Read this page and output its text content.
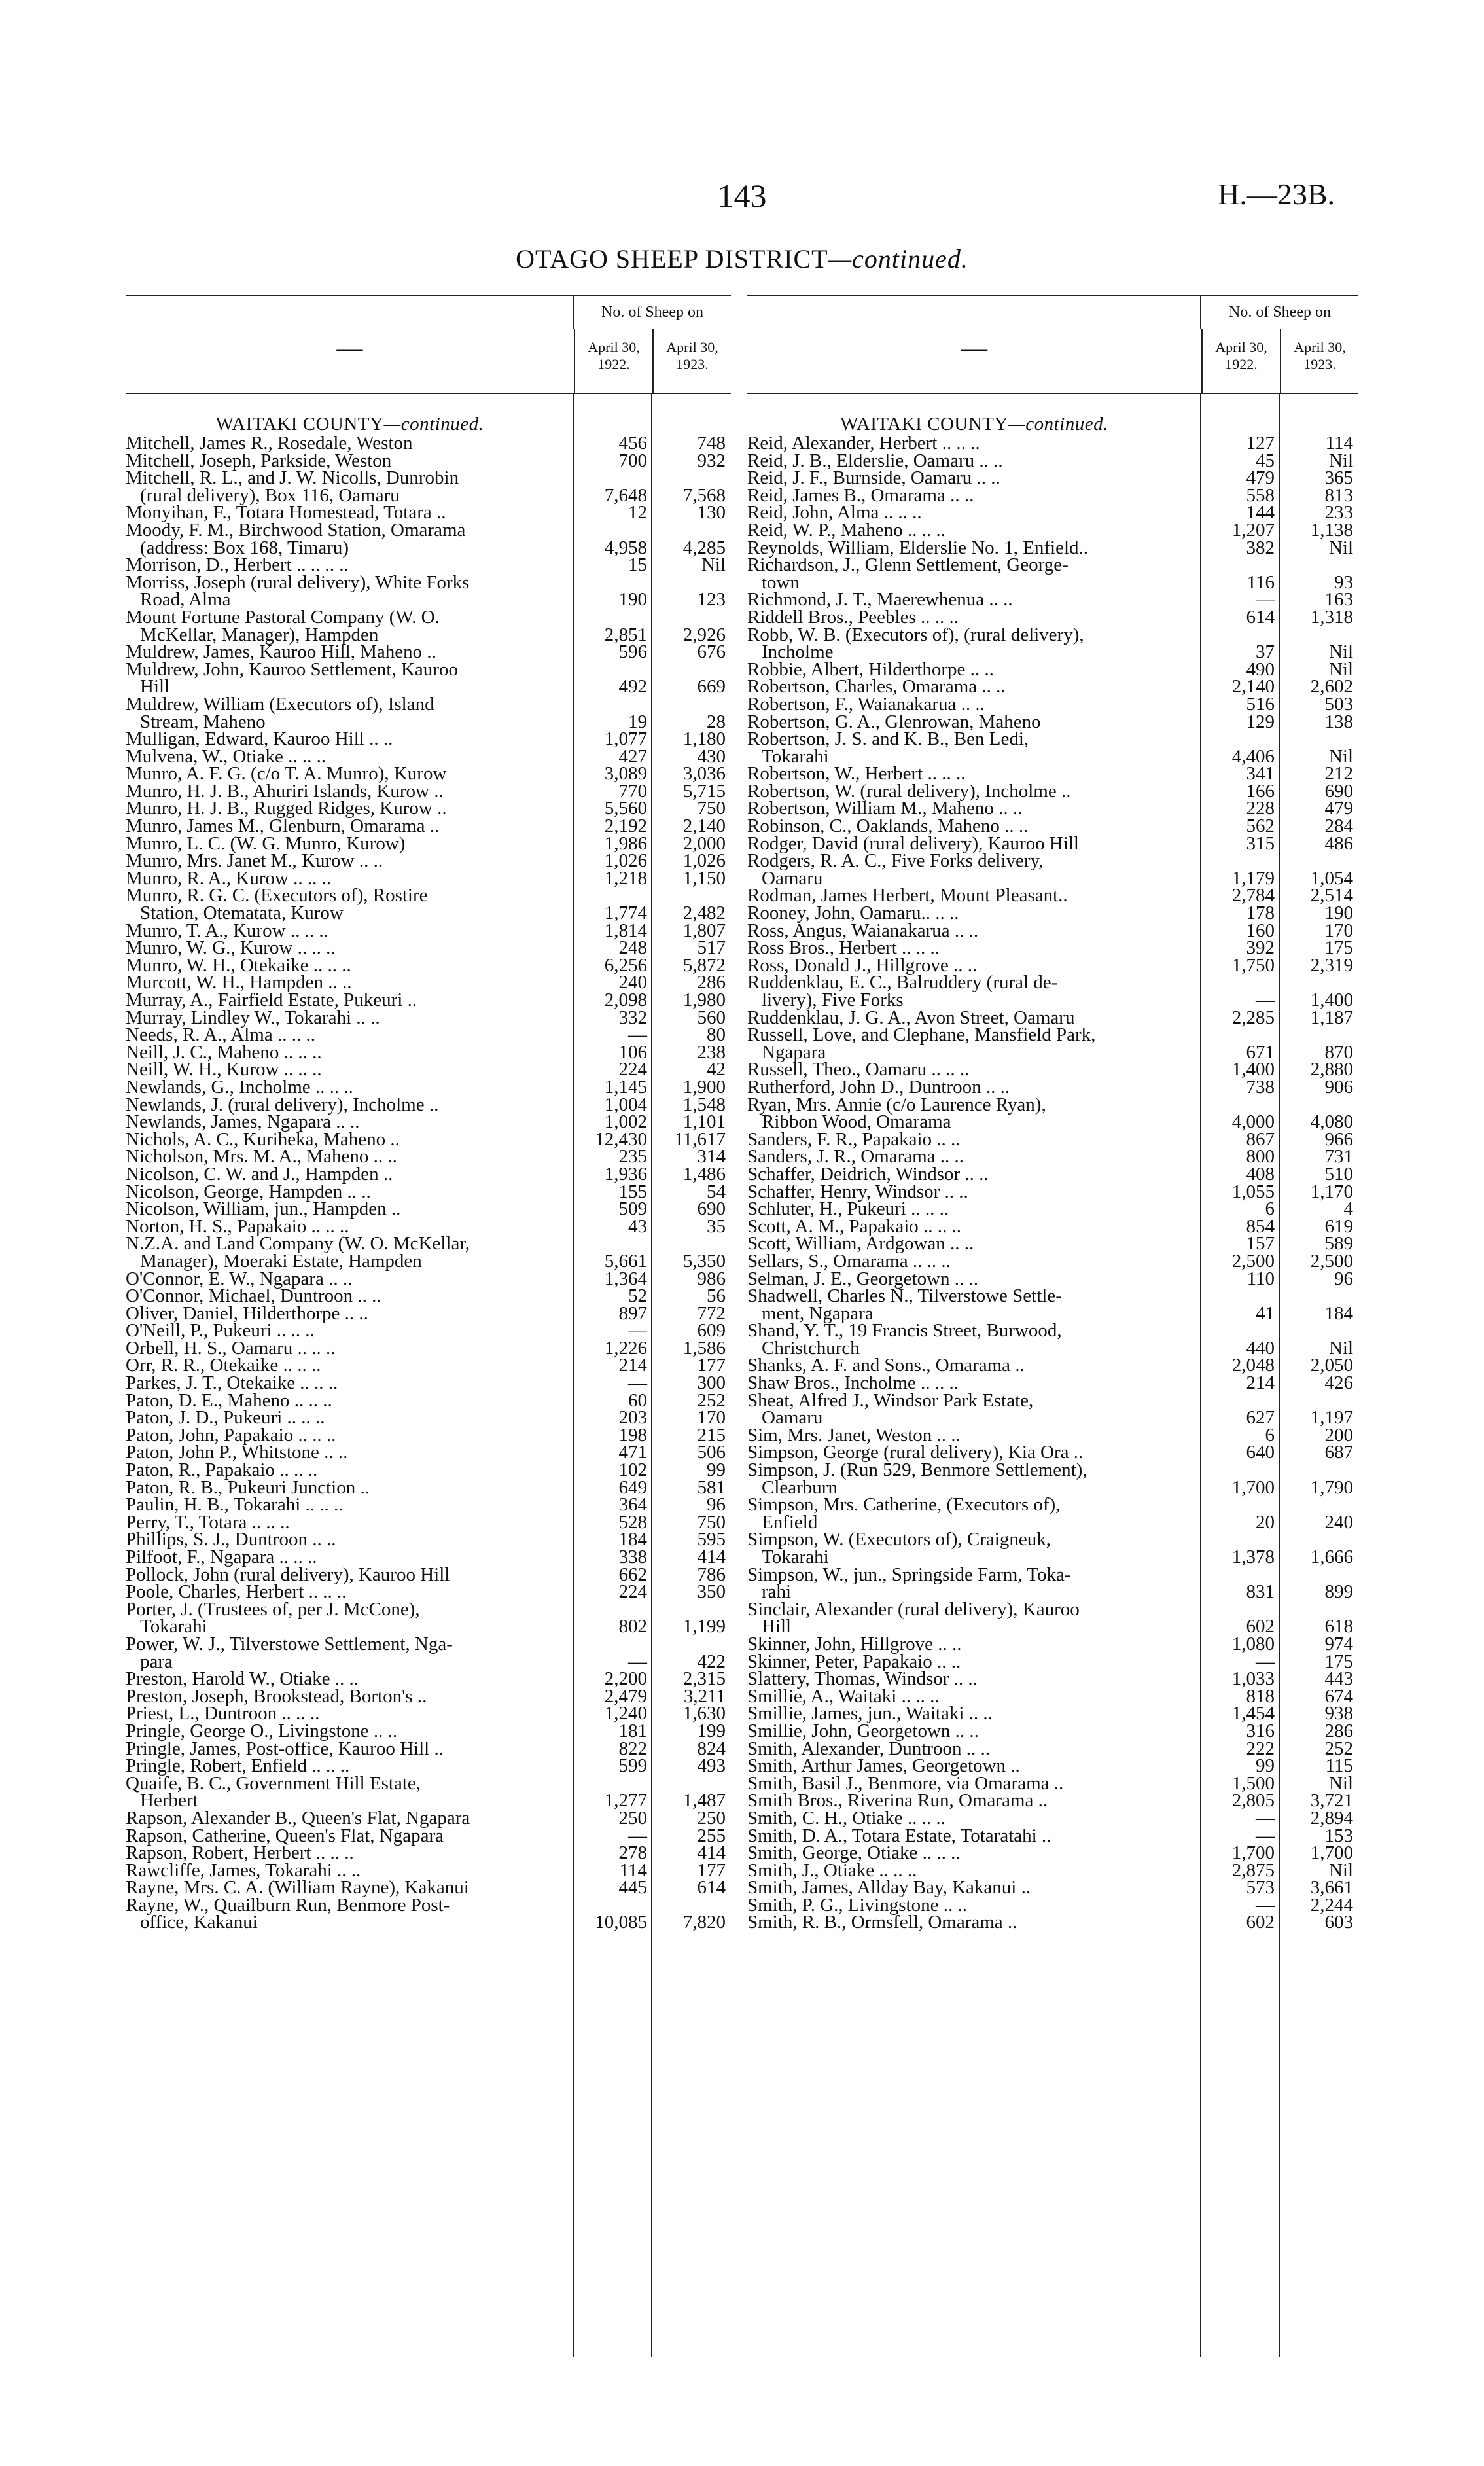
143	H.—23B.
OTAGO SHEEP DISTRICT—continued.
—
No. of Sheep on
April 30, 1922.
April 30, 1923.
WAITAKI COUNTY—continued.
Mitchell, James R., Rosedale, Weston	456	748
Mitchell, Joseph, Parkside, Weston	700	932
Mitchell, R. L., and J. W. Nicolls, Dunrobin
(rural delivery), Box 116, Oamaru	7,648	7,568
Monyihan, F., Totara Homestead, Totara ..	12	130
Moody, F. M., Birchwood Station, Omarama
(address: Box 168, Timaru)	4,958	4,285
Morrison, D., Herbert .. .. .. ..	15	Nil
Morriss, Joseph (rural delivery), White Forks
Road, Alma	190	123
Mount Fortune Pastoral Company (W. O.
McKellar, Manager), Hampden	2,851	2,926
Muldrew, James, Kauroo Hill, Maheno ..	596	676
Muldrew, John, Kauroo Settlement, Kauroo
Hill	492	669
Muldrew, William (Executors of), Island
Stream, Maheno	19	28
Mulligan, Edward, Kauroo Hill .. ..	1,077	1,180
Mulvena, W., Otiake .. .. ..	427	430
Munro, A. F. G. (c/o T. A. Munro), Kurow	3,089	3,036
Munro, H. J. B., Ahuriri Islands, Kurow ..	770	5,715
Munro, H. J. B., Rugged Ridges, Kurow ..	5,560	750
Munro, James M., Glenburn, Omarama ..	2,192	2,140
Munro, L. C. (W. G. Munro, Kurow)	1,986	2,000
Munro, Mrs. Janet M., Kurow .. ..	1,026	1,026
Munro, R. A., Kurow .. .. ..	1,218	1,150
Munro, R. G. C. (Executors of), Rostire
Station, Otematata, Kurow	1,774	2,482
Munro, T. A., Kurow .. .. ..	1,814	1,807
Munro, W. G., Kurow .. .. ..	248	517
Munro, W. H., Otekaike .. .. ..	6,256	5,872
Murcott, W. H., Hampden .. ..	240	286
Murray, A., Fairfield Estate, Pukeuri ..	2,098	1,980
Murray, Lindley W., Tokarahi .. ..	332	560
Needs, R. A., Alma .. .. ..	—	80
Neill, J. C., Maheno .. .. ..	106	238
Neill, W. H., Kurow .. .. ..	224	42
Newlands, G., Incholme .. .. ..	1,145	1,900
Newlands, J. (rural delivery), Incholme ..	1,004	1,548
Newlands, James, Ngapara .. ..	1,002	1,101
Nichols, A. C., Kuriheka, Maheno ..	12,430	11,617
Nicholson, Mrs. M. A., Maheno .. ..	235	314
Nicolson, C. W. and J., Hampden ..	1,936	1,486
Nicolson, George, Hampden .. ..	155	54
Nicolson, William, jun., Hampden ..	509	690
Norton, H. S., Papakaio .. .. ..	43	35
N.Z.A. and Land Company (W. O. McKellar,
Manager), Moeraki Estate, Hampden	5,661	5,350
O'Connor, E. W., Ngapara .. ..	1,364	986
O'Connor, Michael, Duntroon .. ..	52	56
Oliver, Daniel, Hilderthorpe .. ..	897	772
O'Neill, P., Pukeuri .. .. ..	—	609
Orbell, H. S., Oamaru .. .. ..	1,226	1,586
Orr, R. R., Otekaike .. .. ..	214	177
Parkes, J. T., Otekaike .. .. ..	—	300
Paton, D. E., Maheno .. .. ..	60	252
Paton, J. D., Pukeuri .. .. ..	203	170
Paton, John, Papakaio .. .. ..	198	215
Paton, John P., Whitstone .. ..	471	506
Paton, R., Papakaio .. .. ..	102	99
Paton, R. B., Pukeuri Junction ..	649	581
Paulin, H. B., Tokarahi .. .. ..	364	96
Perry, T., Totara .. .. ..	528	750
Phillips, S. J., Duntroon .. ..	184	595
Pilfoot, F., Ngapara .. .. ..	338	414
Pollock, John (rural delivery), Kauroo Hill	662	786
Poole, Charles, Herbert .. .. ..	224	350
Porter, J. (Trustees of, per J. McCone),
Tokarahi	802	1,199
Power, W. J., Tilverstowe Settlement, Nga-
para	—	422
Preston, Harold W., Otiake .. ..	2,200	2,315
Preston, Joseph, Brookstead, Borton's ..	2,479	3,211
Priest, L., Duntroon .. .. ..	1,240	1,630
Pringle, George O., Livingstone .. ..	181	199
Pringle, James, Post-office, Kauroo Hill ..	822	824
Pringle, Robert, Enfield .. .. ..	599	493
Quaife, B. C., Government Hill Estate,
Herbert	1,277	1,487
Rapson, Alexander B., Queen's Flat, Ngapara	250	250
Rapson, Catherine, Queen's Flat, Ngapara	—	255
Rapson, Robert, Herbert .. .. ..	278	414
Rawcliffe, James, Tokarahi .. ..	114	177
Rayne, Mrs. C. A. (William Rayne), Kakanui	445	614
Rayne, W., Quailburn Run, Benmore Post-
office, Kakanui	10,085	7,820
—
No. of Sheep on
April 30, 1922.
April 30, 1923.
WAITAKI COUNTY—continued.
Reid, Alexander, Herbert .. .. ..	127	114
Reid, J. B., Elderslie, Oamaru .. ..	45	Nil
Reid, J. F., Burnside, Oamaru .. ..	479	365
Reid, James B., Omarama .. ..	558	813
Reid, John, Alma .. .. ..	144	233
Reid, W. P., Maheno .. .. ..	1,207	1,138
Reynolds, William, Elderslie No. 1, Enfield..	382	Nil
Richardson, J., Glenn Settlement, George-
town	116	93
Richmond, J. T., Maerewhenua .. ..	—	163
Riddell Bros., Peebles .. .. ..	614	1,318
Robb, W. B. (Executors of), (rural delivery),
Incholme	37	Nil
Robbie, Albert, Hilderthorpe .. ..	490	Nil
Robertson, Charles, Omarama .. ..	2,140	2,602
Robertson, F., Waianakarua .. ..	516	503
Robertson, G. A., Glenrowan, Maheno	129	138
Robertson, J. S. and K. B., Ben Ledi,
Tokarahi	4,406	Nil
Robertson, W., Herbert .. .. ..	341	212
Robertson, W. (rural delivery), Incholme ..	166	690
Robertson, William M., Maheno .. ..	228	479
Robinson, C., Oaklands, Maheno .. ..	562	284
Rodger, David (rural delivery), Kauroo Hill	315	486
Rodgers, R. A. C., Five Forks delivery,
Oamaru	1,179	1,054
Rodman, James Herbert, Mount Pleasant..	2,784	2,514
Rooney, John, Oamaru.. .. ..	178	190
Ross, Angus, Waianakarua .. ..	160	170
Ross Bros., Herbert .. .. ..	392	175
Ross, Donald J., Hillgrove .. ..	1,750	2,319
Ruddenklau, E. C., Balruddery (rural de-
livery), Five Forks	—	1,400
Ruddenklau, J. G. A., Avon Street, Oamaru	2,285	1,187
Russell, Love, and Clephane, Mansfield Park,
Ngapara	671	870
Russell, Theo., Oamaru .. .. ..	1,400	2,880
Rutherford, John D., Duntroon .. ..	738	906
Ryan, Mrs. Annie (c/o Laurence Ryan),
Ribbon Wood, Omarama	4,000	4,080
Sanders, F. R., Papakaio .. ..	867	966
Sanders, J. R., Omarama .. ..	800	731
Schaffer, Deidrich, Windsor .. ..	408	510
Schaffer, Henry, Windsor .. ..	1,055	1,170
Schluter, H., Pukeuri .. .. ..	6	4
Scott, A. M., Papakaio .. .. ..	854	619
Scott, William, Ardgowan .. ..	157	589
Sellars, S., Omarama .. .. ..	2,500	2,500
Selman, J. E., Georgetown .. ..	110	96
Shadwell, Charles N., Tilverstowe Settle-
ment, Ngapara	41	184
Shand, Y. T., 19 Francis Street, Burwood,
Christchurch	440	Nil
Shanks, A. F. and Sons., Omarama ..	2,048	2,050
Shaw Bros., Incholme .. .. ..	214	426
Sheat, Alfred J., Windsor Park Estate,
Oamaru	627	1,197
Sim, Mrs. Janet, Weston .. ..	6	200
Simpson, George (rural delivery), Kia Ora ..	640	687
Simpson, J. (Run 529, Benmore Settlement),
Clearburn	1,700	1,790
Simpson, Mrs. Catherine, (Executors of),
Enfield	20	240
Simpson, W. (Executors of), Craigneuk,
Tokarahi	1,378	1,666
Simpson, W., jun., Springside Farm, Toka-
rahi	831	899
Sinclair, Alexander (rural delivery), Kauroo
Hill	602	618
Skinner, John, Hillgrove .. ..	1,080	974
Skinner, Peter, Papakaio .. ..	—	175
Slattery, Thomas, Windsor .. ..	1,033	443
Smillie, A., Waitaki .. .. ..	818	674
Smillie, James, jun., Waitaki .. ..	1,454	938
Smillie, John, Georgetown .. ..	316	286
Smith, Alexander, Duntroon .. ..	222	252
Smith, Arthur James, Georgetown ..	99	115
Smith, Basil J., Benmore, via Omarama ..	1,500	Nil
Smith Bros., Riverina Run, Omarama ..	2,805	3,721
Smith, C. H., Otiake .. .. ..	—	2,894
Smith, D. A., Totara Estate, Totaratahi ..	—	153
Smith, George, Otiake .. .. ..	1,700	1,700
Smith, J., Otiake .. .. ..	2,875	Nil
Smith, James, Allday Bay, Kakanui ..	573	3,661
Smith, P. G., Livingstone .. ..	—	2,244
Smith, R. B., Ormsfell, Omarama ..	602	603
